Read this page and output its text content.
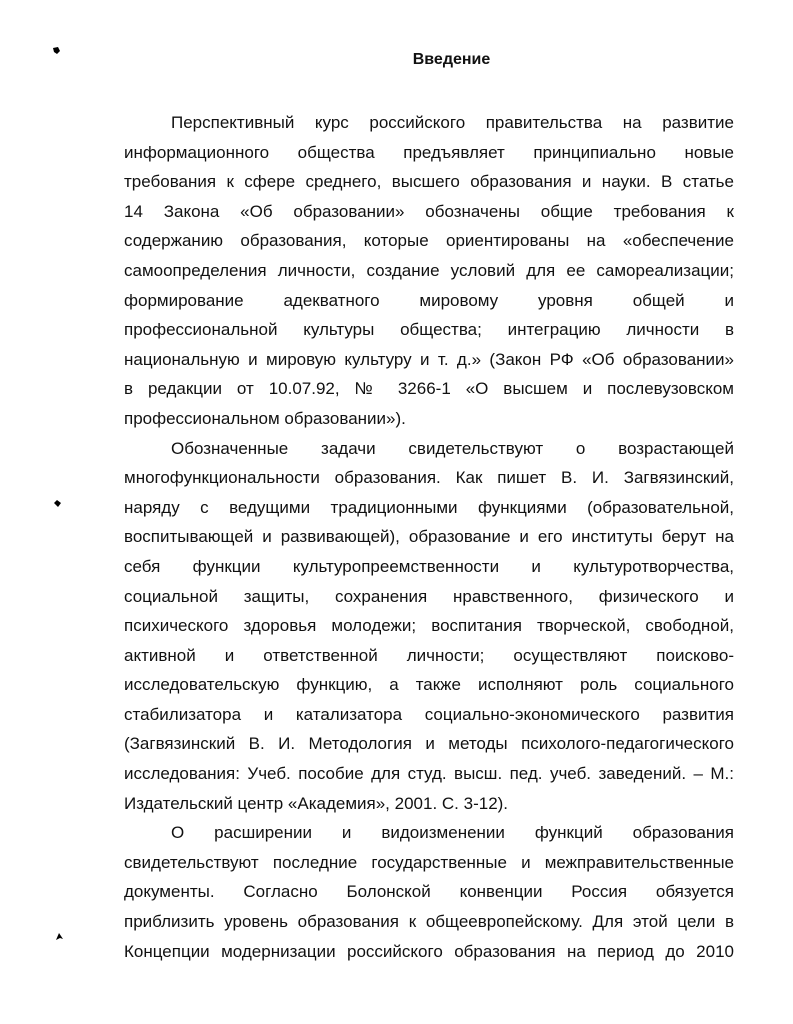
Введение

Перспективный курс российского правительства на развитие
информационного общества предъявляет принципиально новые
требования к сфере среднего, высшего образования и науки. В статье
14 Закона «Об образовании» обозначены общие требования к
содержанию образования, которые ориентированы на «обеспечение
самоопределения личности, создание условий для ее самореализации;
формирование адекватного мировому уровня общей и
профессиональной культуры общества; интеграцию личности в
национальную и мировую культуру и т. д.» (Закон РФ «Об образовании»
в редакции от 10.07.92, № 3266-1 «О высшем и послевузовском
профессиональном образовании»).

Обозначенные задачи свидетельствуют о возрастающей
многофункциональности образования. Как пишет В. И. Загвязинский,
наряду с ведущими традиционными функциями (образовательной,
воспитывающей и развивающей), образование и его институты берут на
себя функции культуропреемственности и культуротворчества,
социальной защиты, сохранения нравственного, физического и
психического здоровья молодежи; воспитания творческой, свободной,
активной и ответственной личности; осуществляют поисково-
исследовательскую функцию, а также исполняют роль социального
стабилизатора и катализатора социально-экономического развития
(Загвязинский В. И. Методология и методы психолого-педагогического
исследования: Учеб. пособие для студ. высш. пед. учеб. заведений. – М.:
Издательский центр «Академия», 2001. С. 3-12).

О расширении и видоизменении функций образования
свидетельствуют последние государственные и межправительственные
документы. Согласно Болонской конвенции Россия обязуется
приблизить уровень образования к общеевропейскому. Для этой цели в
Концепции модернизации российского образования на период до 2010
